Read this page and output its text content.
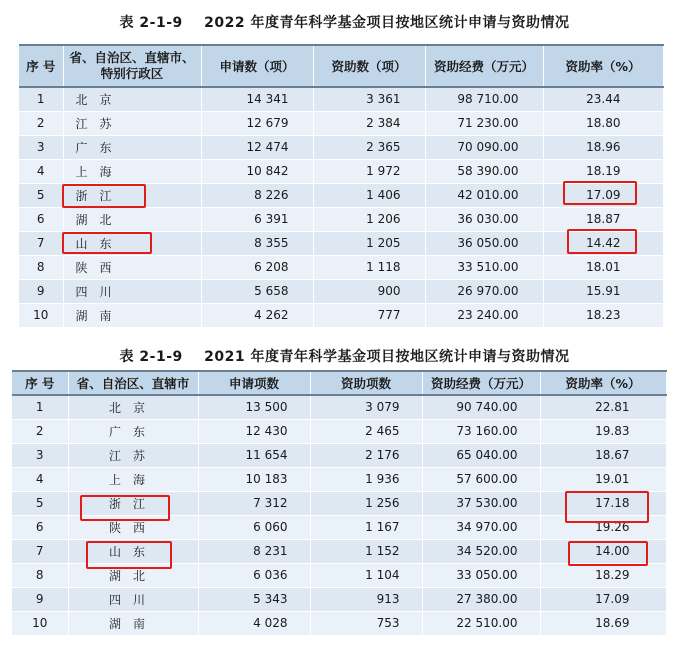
表 2-1-9 2022 年度青年科学基金项目按地区统计申请与资助情况
序 号	省、自治区、直辖市、特别行政区	申请数（项）	资助数（项）	资助经费（万元）	资助率（%）
1	北京	14 341	3 361	98 710.00	23.44
2	江苏	12 679	2 384	71 230.00	18.80
3	广东	12 474	2 365	70 090.00	18.96
4	上海	10 842	1 972	58 390.00	18.19
5	浙江	8 226	1 406	42 010.00	17.09
6	湖北	6 391	1 206	36 030.00	18.87
7	山东	8 355	1 205	36 050.00	14.42
8	陕西	6 208	1 118	33 510.00	18.01
9	四川	5 658	900	26 970.00	15.91
10	湖南	4 262	777	23 240.00	18.23
表 2-1-9 2021 年度青年科学基金项目按地区统计申请与资助情况
序 号	省、自治区、直辖市	申请项数	资助项数	资助经费（万元）	资助率（%）
1	北京	13 500	3 079	90 740.00	22.81
2	广东	12 430	2 465	73 160.00	19.83
3	江苏	11 654	2 176	65 040.00	18.67
4	上海	10 183	1 936	57 600.00	19.01
5	浙江	7 312	1 256	37 530.00	17.18
6	陕西	6 060	1 167	34 970.00	19.26
7	山东	8 231	1 152	34 520.00	14.00
8	湖北	6 036	1 104	33 050.00	18.29
9	四川	5 343	913	27 380.00	17.09
10	湖南	4 028	753	22 510.00	18.69
